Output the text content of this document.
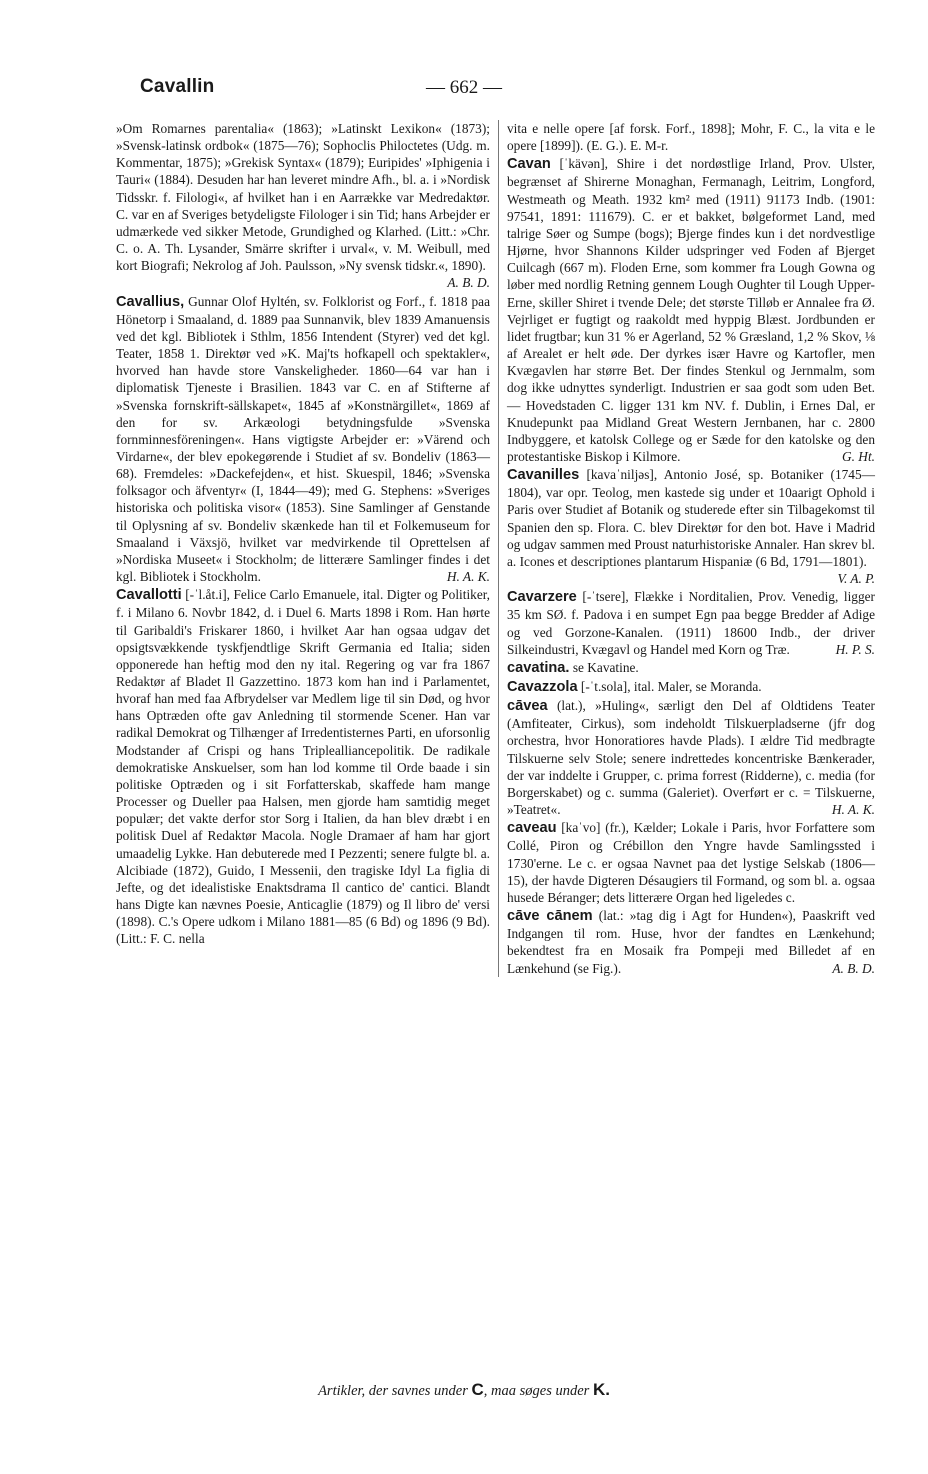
Cavallin	— 662 —

»Om Romarnes parentalia« (1863); »Latinskt Lexikon« (1873); »Svensk-latinsk ordbok« (1875—76); Sophoclis Philoctetes (Udg. m. Kommentar, 1875); »Grekisk Syntax« (1879); Euripides' »Iphigenia i Tauri« (1884). Desuden har han leveret mindre Afh., bl. a. i »Nordisk Tidsskr. f. Filologi«, af hvilket han i en Aarrække var Medredaktør. C. var en af Sveriges betydeligste Filologer i sin Tid; hans Arbejder er udmærkede ved sikker Metode, Grundighed og Klarhed. (Litt.: »Chr. C. o. A. Th. Lysander, Smärre skrifter i urval«, v. M. Weibull, med kort Biografi; Nekrolog af Joh. Paulsson, »Ny svensk tidskr.«, 1890).
A. B. D.

Cavallius, Gunnar Olof Hyltén, sv. Folklorist og Forf., f. 1818 paa Hönetorp i Smaaland, d. 1889 paa Sunnanvik, blev 1839 Amanuensis ved det kgl. Bibliotek i Sthlm, 1856 Intendent (Styrer) ved det kgl. Teater, 1858 1. Direktør ved »K. Maj'ts hofkapell och spektakler«, hvorved han havde store Vanskeligheder. 1860—64 var han i diplomatisk Tjeneste i Brasilien. 1843 var C. en af Stifterne af »Svenska fornskrift-sällskapet«, 1845 af »Konstnärgillet«, 1869 af den for sv. Arkæologi betydningsfulde »Svenska fornminnesföreningen«. Hans vigtigste Arbejder er: »Värend och Virdarne«, der blev epokegørende i Studiet af sv. Bondeliv (1863—68). Fremdeles: »Dackefejden«, et hist. Skuespil, 1846; »Svenska folksagor och äfventyr« (I, 1844—49); med G. Stephens: »Sveriges historiska och politiska visor« (1853). Sine Samlinger af Genstande til Oplysning af sv. Bondeliv skænkede han til et Folkemuseum for Smaaland i Växsjö, hvilket var medvirkende til Oprettelsen af »Nordiska Museet« i Stockholm; de litterære Samlinger findes i det kgl. Bibliotek i Stockholm.	H. A. K.

Cavallotti [-ˈl.åt.i], Felice Carlo Emanuele, ital. Digter og Politiker, f. i Milano 6. Novbr 1842, d. i Duel 6. Marts 1898 i Rom. Han hørte til Garibaldi's Friskarer 1860, i hvilket Aar han ogsaa udgav det opsigtsvækkende tyskfjendtlige Skrift Germania ed Italia; siden opponerede han heftig mod den ny ital. Regering og var fra 1867 Redaktør af Bladet Il Gazzettino. 1873 kom han ind i Parlamentet, hvoraf han med faa Afbrydelser var Medlem lige til sin Død, og hvor hans Optræden ofte gav Anledning til stormende Scener. Han var radikal Demokrat og Tilhænger af Irredentisternes Parti, en uforsonlig Modstander af Crispi og hans Triplealliancepolitik. De radikale demokratiske Anskuelser, som han lod komme til Orde baade i sin politiske Optræden og i sit Forfatterskab, skaffede ham mange Processer og Dueller paa Halsen, men gjorde ham samtidig meget populær; det vakte derfor stor Sorg i Italien, da han blev dræbt i en politisk Duel af Redaktør Macola. Nogle Dramaer af ham har gjort umaadelig Lykke. Han debuterede med I Pezzenti; senere fulgte bl. a. Alcibiade (1872), Guido, I Messenii, den tragiske Idyl La figlia di Jefte, og det idealistiske Enaktsdrama Il cantico de' cantici. Blandt hans Digte kan nævnes Poesie, Anticaglie (1879) og Il libro de' versi (1898). C.'s Opere udkom i Milano 1881—85 (6 Bd) og 1896 (9 Bd). (Litt.: F. C. nella

vita e nelle opere [af forsk. Forf., 1898]; Mohr, F. C., la vita e le opere [1899]). (E. G.). E. M-r.

Cavan [ˈkävən], Shire i det nordøstlige Irland, Prov. Ulster, begrænset af Shirerne Monaghan, Fermanagh, Leitrim, Longford, Westmeath og Meath. 1932 km² med (1911) 91173 Indb. (1901: 97541, 1891: 111679). C. er et bakket, bølgeformet Land, med talrige Søer og Sumpe (bogs); Bjerge findes kun i det nordvestlige Hjørne, hvor Shannons Kilder udspringer ved Foden af Bjerget Cuilcagh (667 m). Floden Erne, som kommer fra Lough Gowna og løber med nordlig Retning gennem Lough Oughter til Lough Upper-Erne, skiller Shiret i tvende Dele; det største Tilløb er Annalee fra Ø. Vejrliget er fugtigt og raakoldt med hyppig Blæst. Jordbunden er lidet frugtbar; kun 31 % er Agerland, 52 % Græsland, 1,2 % Skov, ⅛ af Arealet er helt øde. Der dyrkes især Havre og Kartofler, men Kvægavlen har større Bet. Der findes Stenkul og Jernmalm, som dog ikke udnyttes synderligt. Industrien er saa godt som uden Bet. — Hovedstaden C. ligger 131 km NV. f. Dublin, i Ernes Dal, er Knudepunkt paa Midland Great Western Jernbanen, har c. 2800 Indbyggere, et katolsk College og er Sæde for den katolske og den protestantiske Biskop i Kilmore.	G. Ht.

Cavanilles [kavaˈniljəs], Antonio José, sp. Botaniker (1745—1804), var opr. Teolog, men kastede sig under et 10aarigt Ophold i Paris over Studiet af Botanik og studerede efter sin Tilbagekomst til Spanien den sp. Flora. C. blev Direktør for den bot. Have i Madrid og udgav sammen med Proust naturhistoriske Annaler. Han skrev bl. a. Icones et descriptiones plantarum Hispaniæ (6 Bd, 1791—1801).
V. A. P.

Cavarzere [-ˈtsere], Flække i Norditalien, Prov. Venedig, ligger 35 km SØ. f. Padova i en sumpet Egn paa begge Bredder af Adige og ved Gorzone-Kanalen. (1911) 18600 Indb., der driver Silkeindustri, Kvægavl og Handel med Korn og Træ.	H. P. S.

cavatina. se Kavatine.

Cavazzola [-ˈt.sola], ital. Maler, se Moranda.

cāvea (lat.), »Huling«, særligt den Del af Oldtidens Teater (Amfiteater, Cirkus), som indeholdt Tilskuerpladserne (jfr dog orchestra, hvor Honoratiores havde Plads). I ældre Tid medbragte Tilskuerne selv Stole; senere indrettedes koncentriske Bænkerader, der var inddelte i Grupper, c. prima forrest (Ridderne), c. media (for Borgerskabet) og c. summa (Galeriet). Overført er c. = Tilskuerne, »Teatret«.	H. A. K.

caveau [kaˈvo] (fr.), Kælder; Lokale i Paris, hvor Forfattere som Collé, Piron og Crébillon den Yngre havde Samlingssted i 1730'erne. Le c. er ogsaa Navnet paa det lystige Selskab (1806—15), der havde Digteren Désaugiers til Formand, og som bl. a. ogsaa husede Béranger; dets litterære Organ hed ligeledes c.

cāve cānem (lat.: »tag dig i Agt for Hunden«), Paaskrift ved Indgangen til rom. Huse, hvor der fandtes en Lænkehund; bekendtest fra en Mosaik fra Pompeji med Billedet af en Lænkehund (se Fig.).	A. B. D.

Artikler, der savnes under C, maa søges under K.
